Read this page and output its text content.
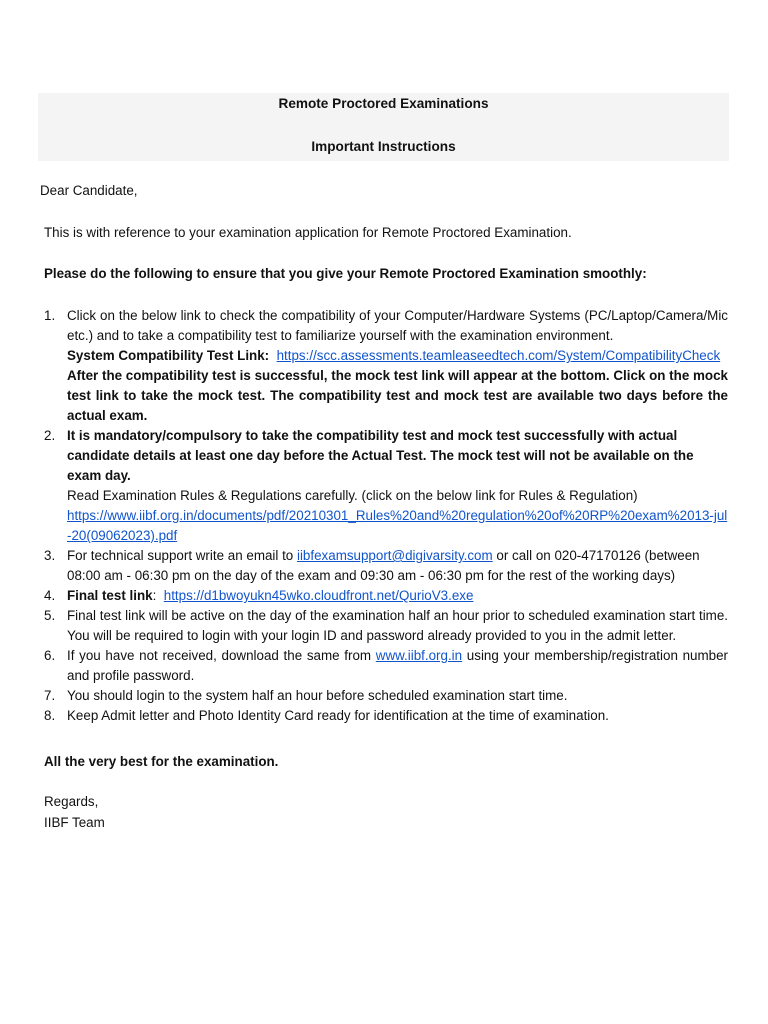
Remote Proctored Examinations
Important Instructions
Dear Candidate,
This is with reference to your examination application for Remote Proctored Examination.
Please do the following to ensure that you give your Remote Proctored Examination smoothly:
1. Click on the below link to check the compatibility of your Computer/Hardware Systems (PC/Laptop/Camera/Mic etc.) and to take a compatibility test to familiarize yourself with the examination environment.
System Compatibility Test Link: https://scc.assessments.teamleaseedtech.com/System/CompatibilityCheck
After the compatibility test is successful, the mock test link will appear at the bottom. Click on the mock test link to take the mock test. The compatibility test and mock test are available two days before the actual exam.
2. It is mandatory/compulsory to take the compatibility test and mock test successfully with actual candidate details at least one day before the Actual Test. The mock test will not be available on the exam day.
Read Examination Rules & Regulations carefully. (click on the below link for Rules & Regulation)
https://www.iibf.org.in/documents/pdf/20210301_Rules%20and%20regulation%20of%20RP%20exam%2013-jul-20(09062023).pdf
3. For technical support write an email to iibfexamsupport@digivarsity.com or call on 020-47170126 (between 08:00 am - 06:30 pm on the day of the exam and 09:30 am - 06:30 pm for the rest of the working days)
4. Final test link:  https://d1bwoyukn45wko.cloudfront.net/QurioV3.exe
5. Final test link will be active on the day of the examination half an hour prior to scheduled examination start time. You will be required to login with your login ID and password already provided to you in the admit letter.
6. If you have not received, download the same from www.iibf.org.in using your membership/registration number and profile password.
7. You should login to the system half an hour before scheduled examination start time.
8. Keep Admit letter and Photo Identity Card ready for identification at the time of examination.
All the very best for the examination.
Regards,
IIBF Team
